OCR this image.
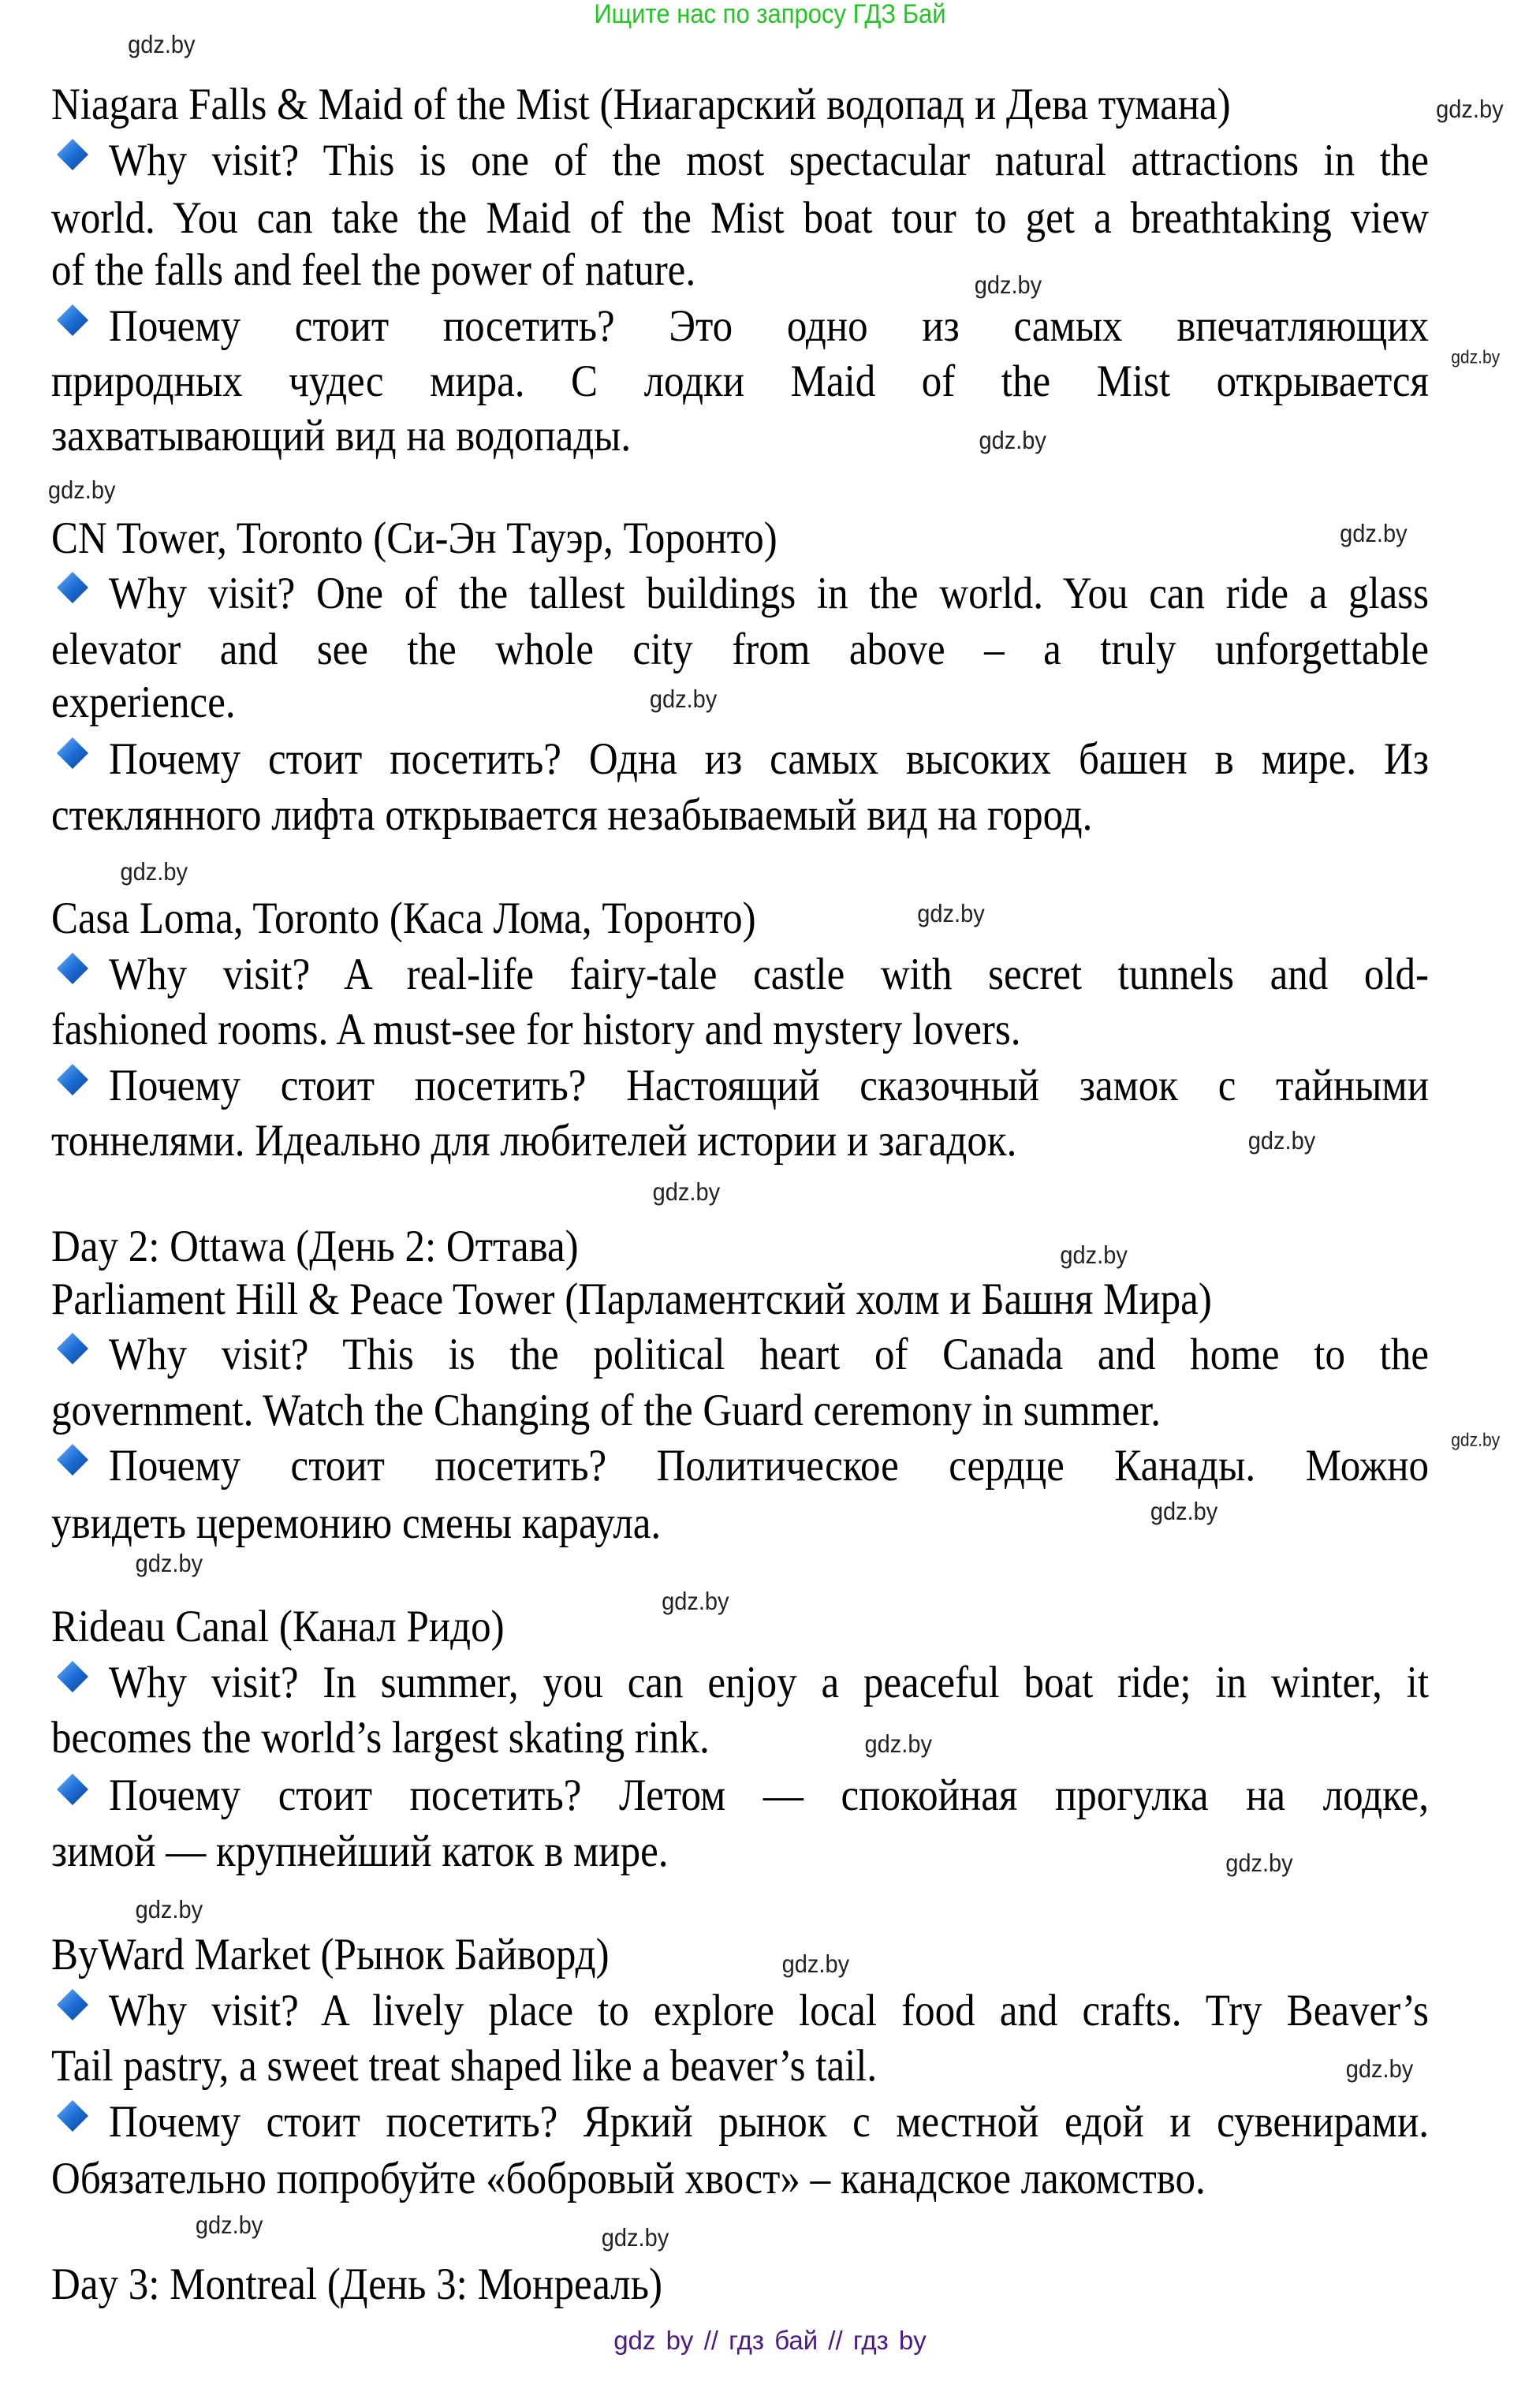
Ищите нас по запросу ГДЗ Бай
Niagara Falls & Maid of the Mist (Ниагарский водопад и Дева тумана)
Why visit? This is one of the most spectacular natural attractions in the
world. You can take the Maid of the Mist boat tour to get a breathtaking view
of the falls and feel the power of nature.
Почему стоит посетить? Это одно из самых впечатляющих
природных чудес мира. С лодки Maid of the Mist открывается
захватывающий вид на водопады.
CN Tower, Toronto (Си-Эн Тауэр, Торонто)
Why visit? One of the tallest buildings in the world. You can ride a glass
elevator and see the whole city from above – a truly unforgettable
experience.
Почему стоит посетить? Одна из самых высоких башен в мире. Из
стеклянного лифта открывается незабываемый вид на город.
Casa Loma, Toronto (Каса Лома, Торонто)
Why visit? A real-life fairy-tale castle with secret tunnels and old-
fashioned rooms. A must-see for history and mystery lovers.
Почему стоит посетить? Настоящий сказочный замок с тайными
тоннелями. Идеально для любителей истории и загадок.
Day 2: Ottawa (День 2: Оттава)
Parliament Hill & Peace Tower (Парламентский холм и Башня Мира)
Why visit? This is the political heart of Canada and home to the
government. Watch the Changing of the Guard ceremony in summer.
Почему стоит посетить? Политическое сердце Канады. Можно
увидеть церемонию смены караула.
Rideau Canal (Канал Ридо)
Why visit? In summer, you can enjoy a peaceful boat ride; in winter, it
becomes the world’s largest skating rink.
Почему стоит посетить? Летом — спокойная прогулка на лодке,
зимой — крупнейший каток в мире.
ByWard Market (Рынок Байворд)
Why visit? A lively place to explore local food and crafts. Try Beaver’s
Tail pastry, a sweet treat shaped like a beaver’s tail.
Почему стоит посетить? Яркий рынок с местной едой и сувенирами.
Обязательно попробуйте «бобровый хвост» – канадское лакомство.
Day 3: Montreal (День 3: Монреаль)
gdz.by
gdz.by
gdz.by
gdz.by
gdz.by
gdz.by
gdz.by
gdz.by
gdz.by
gdz.by
gdz.by
gdz.by
gdz.by
gdz.by
gdz.by
gdz.by
gdz.by
gdz.by
gdz.by
gdz.by
gdz.by
gdz.by
gdz.by	gdz.by
gdz by // гдз бай // гдз by
